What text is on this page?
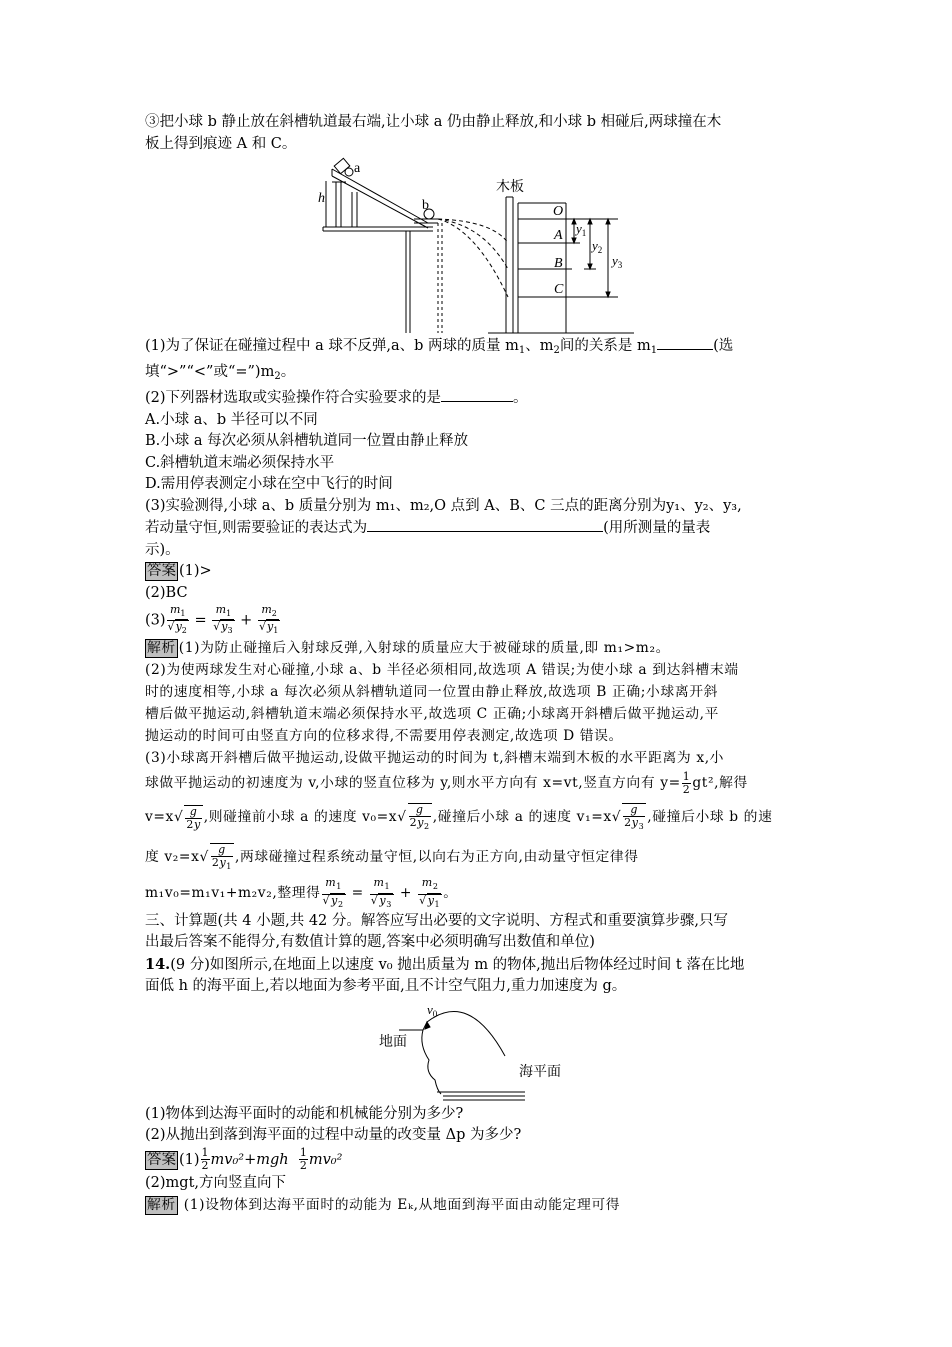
③把小球 b 静止放在斜槽轨道最右端,让小球 a 仍由静止释放,和小球 b 相碰后,两球撞在木
板上得到痕迹 A 和 C。
a
b
h
木板
O
A
B
C
$y_1$
$y_2$
$y_3$
(1)为了保证在碰撞过程中 a 球不反弹,a、b 两球的质量 $m_1$、$m_2$间的关系是 $m_1$	(选
填“>”“<”或“$=”)m_2$。
(2)下列器材选取或实验操作符合实验要求的是	。
A.小球 a、b 半径可以不同
B.小球 a 每次必须从斜槽轨道同一位置由静止释放
C.斜槽轨道末端必须保持水平
D.需用停表测定小球在空中飞行的时间
(3)实验测得,小球 a、b 质量分别为 m₁、m₂,O 点到 A、B、C 三点的距离分别为y₁、y₂、y₃,
若动量守恒,则需要验证的表达式为	(用所测量的量表
示)。
答案 (1)>
(2)BC
$(3) \frac{m_1}{√y_2} = \frac{m_1}{√y_3} + \frac{m_2}{√y_1}$
解析 (1)为防止碰撞后入射球反弹,入射球的质量应大于被碰球的质量,即 m₁>m₂。
(2)为使两球发生对心碰撞,小球 a、b 半径必须相同,故选项 A 错误;为使小球 a 到达斜槽末端
时的速度相等,小球 a 每次必须从斜槽轨道同一位置由静止释放,故选项 B 正确;小球离开斜
槽后做平抛运动,斜槽轨道末端必须保持水平,故选项 C 正确;小球离开斜槽后做平抛运动,平
抛运动的时间可由竖直方向的位移求得,不需要用停表测定,故选项 D 错误。
(3)小球离开斜槽后做平抛运动,设做平抛运动的时间为 t,斜槽末端到木板的水平距离为 x,小
球做平抛运动的初速度为 v,小球的竖直位移为 y,则水平方向有 x=vt,竖直方向有 $y= \frac{1}{2} gt^2$,解得
$v=x√ \frac{g}{2y}$ ,则碰撞前小球 a 的速度 $v_0=x√ \frac{g}{2y_2}$ ,碰撞后小球 a 的速度 $v_1=x√ \frac{g}{2y_3}$ ,碰撞后小球 b 的速
度 $v_2=x√ \frac{g}{2y_1}$ ,两球碰撞过程系统动量守恒,以向右为正方向,由动量守恒定律得
m₁v₀=m₁v₁+m₂v₂,整理得 $\frac{m_1}{√y_2} = \frac{m_1}{√y_3} + \frac{m_2}{√y_1}$ 。
三、计算题(共 4 小题,共 42 分。解答应写出必要的文字说明、方程式和重要演算步骤,只写
出最后答案不能得分,有数值计算的题,答案中必须明确写出数值和单位)
14.(9 分)如图所示,在地面上以速度 v₀ 抛出质量为 m 的物体,抛出后物体经过时间 t 落在比地
面低 h 的海平面上,若以地面为参考平面,且不计空气阻力,重力加速度为 g。
$v_0$
地面
海平面
(1)物体到达海平面时的动能和机械能分别为多少?
(2)从抛出到落到海平面的过程中动量的改变量 Δp 为多少?
答案 $(1) \frac{1}{2} mv_0^2+mgh \frac{1}{2} mv_0^2$
(2)mgt,方向竖直向下
解析 (1)设物体到达海平面时的动能为 Eₖ,从地面到海平面由动能定理可得
